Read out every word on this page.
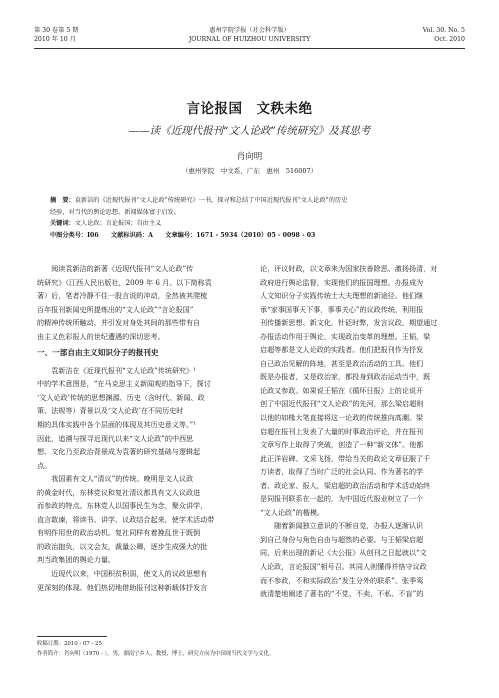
第 30 卷第 5 期
2010 年 10 月
惠州学院学报（社会科学版）
JOURNAL OF HUIZHOU UNIVERSITY
Vol. 30. No. 5
Oct. 2010
言论报国　文秩未绝
——读《近现代报刊“文人论政”传统研究》及其思考
肖向明
（惠州学院　中文系，广东　惠州　516007）
摘　要：袁新洁的《近现代报刊“文人论政”传统研究》一书，探寻和总结了中国近现代报刊“文人论政”的历史
经验，对当代的舆论思想、新闻媒体富于启发。
关键词：文人论政；言论报国；自由主义
中图分类号：I06　　文献标识码：A　　文章编号：1671 - 5934（2010）05 - 0098 - 03
　　阅读袁新洁的新著《近现代报刊“文人论政”传
统研究》（江西人民出版社，2009 年 6 月。以下简称袁
著）后，笔者冷静不住一股言说的冲动，全然被其爬梳
百年报刊新闻史所提炼出的“文人论政”“言论报国”
的精神传统所触动，并引发对身处其间的那些带有自
由主义色彩报人的世纪遭遇的深切思考。
一、一部自由主义知识分子的报刊史
　　袁新洁在《近现代报刊“文人论政”传统研究》¹
中的学术意图是，“在马克思主义新闻观的指导下，探讨
‘文人论政’传统的思想渊源、历史（含时代、新闻、政
策、法规等）背景以及‘文人论政’在不同历史时
期的具体实践中各个层面的体现及其历史意义等。”¹
因此，追溯与探寻近现代以来“文人论政”的中西思
想、文化乃至政治背景成为袁著的研究基础与逻辑起
点。
　　我国素有文人“清议”的传统。晚明是文人议政
的黄金时代，东林党议和复社清议都具有文人议政进
而参政的特点。东林党人以国事民生为念，聚众讲学，
直言敢谏，将读书、讲学、议政结合起来，使学术活动带
有明作用世的政治动机。复社同样有着挽乱世于既倒
的政治抱负，以文会友，裁量公卿，逐步生成强大的批
判当政集团的舆论力量。
　　近现代以来，中国积贫积弱，使文人的议政思想有
更深刻的体现。他们热切地借助报刊这种新载体抒发言
论，评议时政，以文章来为国家扶善除恶、激扬扬清，对
政府进行舆论监督，实现他们的报国理想。办报成为
人文知识分子实践传统士大夫理想的新途径。他们继
承“家事国事天下事，事事关心”的议政传统，利用报
刊传播新思想、新文化，针砭时弊，发言议政，期望通过
办报活动作用于舆论，实现政治变革的理想。王韬、梁
启超等都是文人论政的实践者。他们把报刊作为抒发
自己政治见解的阵地，甚至是政治活动的工具。他们
既是办报者，又是政治家，都投身到政治运动当中，既
论政又参政。如果说王韬在《循环日报》上的论说开
创了中国近代报刊“文人论政”的先河，那么梁启超则
以他的如椽大笔直接将这一论政的传统推向高潮。梁
启超在报刊上发表了大量的时事政治评论，并在报刊
文章写作上取得了突破，创造了一种“新文体”。他都
此正洋岩碑、文采飞扬，带给当关的政论文章征服了千
万读者，取得了当时广泛的社会认同。作为著名的学
者、政论家、报人，梁启超的政治活动和学术活动始终
是同报刊联系在一起的，为中国近代报业树立了一个
“文人论政”的楷模。
　　随着新闻独立意识的不断自觉，办报人逐渐认识
到自己身份与角色自由与超然的必要。与王韬梁启超
同，后来出现的新记《大公报》从创刊之日起就以“文
人论政，言论报国”相号召。其同人则懂得并恪守议政
而不参政，不和实际政治“发生分外的联系”。张季鸾
就清楚地阐述了著名的“不党、不卖、不私、不盲”的
收稿日期：2010 - 07 - 25
作者简介：肖向明（1970 - ），男，湖南宁乡人，教授，博士，研究方向为中国现当代文学与文化。
